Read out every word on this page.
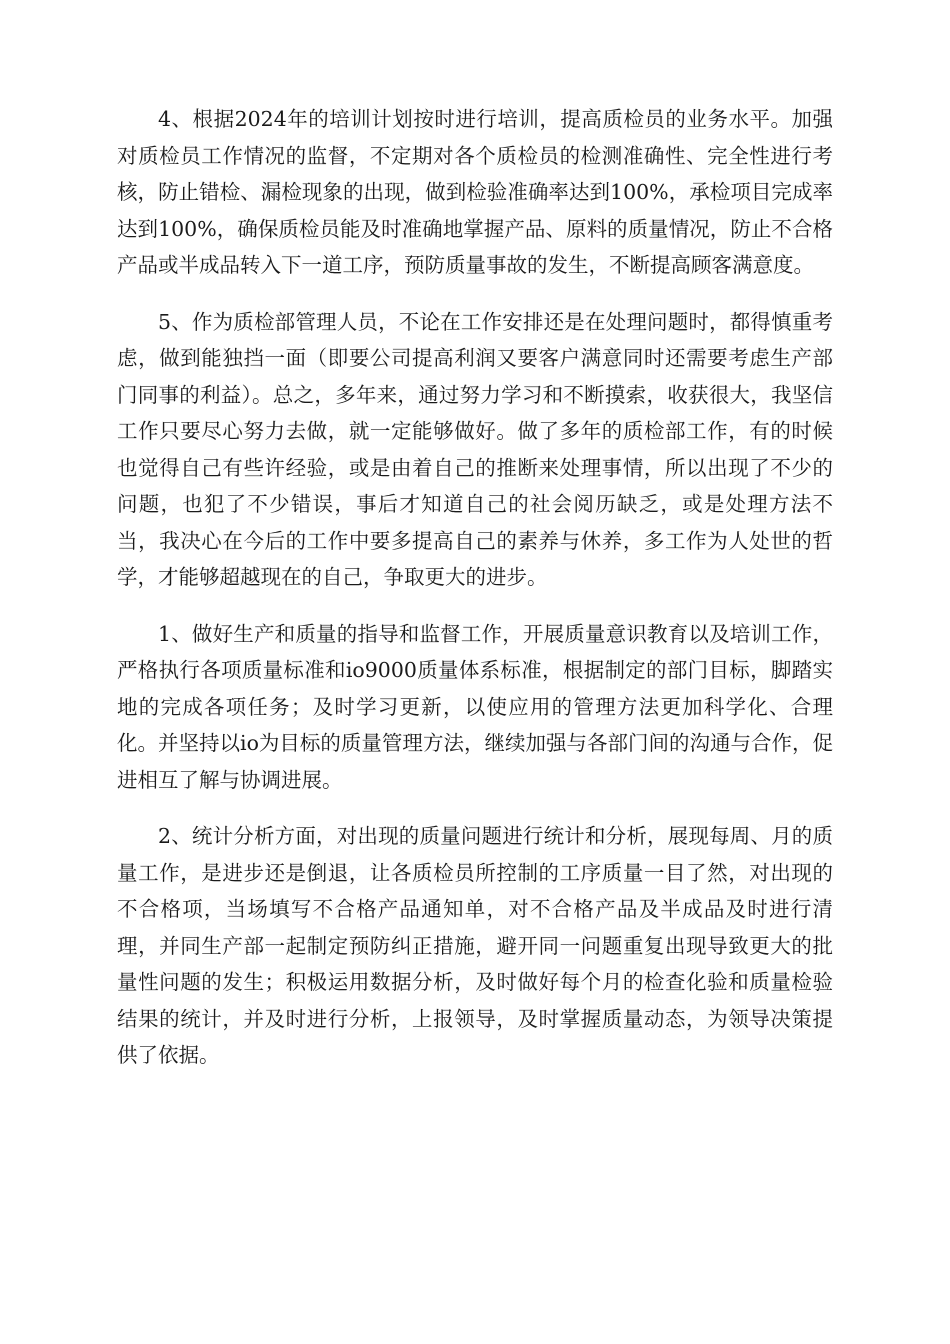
4、根据2024年的培训计划按时进行培训，提高质检员的业务水平。加强对质检员工作情况的监督，不定期对各个质检员的检测准确性、完全性进行考核，防止错检、漏检现象的出现，做到检验准确率达到100%，承检项目完成率达到100%，确保质检员能及时准确地掌握产品、原料的质量情况，防止不合格产品或半成品转入下一道工序，预防质量事故的发生，不断提高顾客满意度。

5、作为质检部管理人员，不论在工作安排还是在处理问题时，都得慎重考虑，做到能独挡一面（即要公司提高利润又要客户满意同时还需要考虑生产部门同事的利益）。总之，多年来，通过努力学习和不断摸索，收获很大，我坚信工作只要尽心努力去做，就一定能够做好。做了多年的质检部工作，有的时候也觉得自己有些许经验，或是由着自己的推断来处理事情，所以出现了不少的问题，也犯了不少错误，事后才知道自己的社会阅历缺乏，或是处理方法不当，我决心在今后的工作中要多提高自己的素养与休养，多工作为人处世的哲学，才能够超越现在的自己，争取更大的进步。

1、做好生产和质量的指导和监督工作，开展质量意识教育以及培训工作，严格执行各项质量标准和io9000质量体系标准，根据制定的部门目标，脚踏实地的完成各项任务；及时学习更新，以使应用的管理方法更加科学化、合理化。并坚持以io为目标的质量管理方法，继续加强与各部门间的沟通与合作，促进相互了解与协调进展。

2、统计分析方面，对出现的质量问题进行统计和分析，展现每周、月的质量工作，是进步还是倒退，让各质检员所控制的工序质量一目了然，对出现的不合格项，当场填写不合格产品通知单，对不合格产品及半成品及时进行清理，并同生产部一起制定预防纠正措施，避开同一问题重复出现导致更大的批量性问题的发生；积极运用数据分析，及时做好每个月的检查化验和质量检验结果的统计，并及时进行分析，上报领导，及时掌握质量动态，为领导决策提供了依据。
